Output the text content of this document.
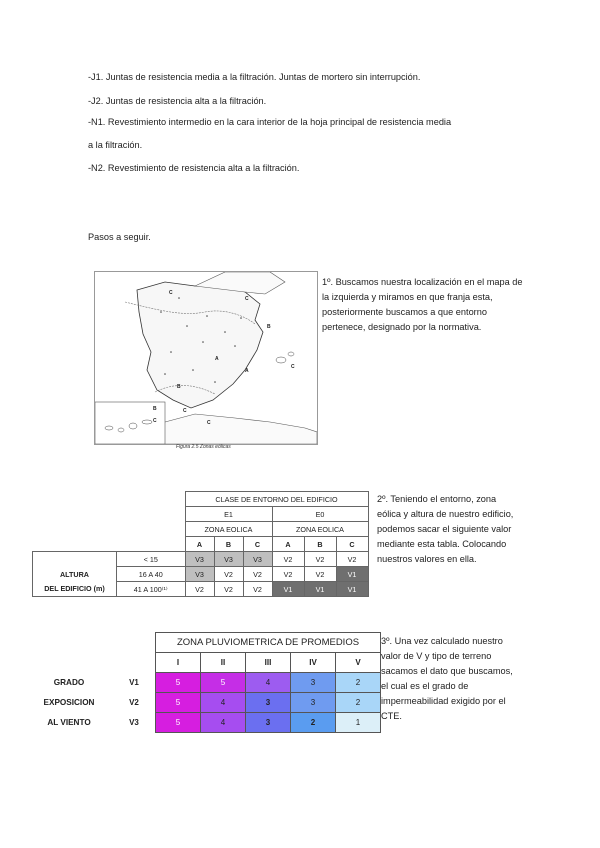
-J1. Juntas de resistencia media a la filtración. Juntas de mortero sin interrupción.
-J2. Juntas de resistencia alta a la filtración.
-N1. Revestimiento intermedio en la cara interior de la hoja principal de resistencia media
a la filtración.
-N2. Revestimiento de resistencia alta a la filtración.
Pasos a seguir.
A
B
C
C
C
C
B
A
B
C
C
Figura 2.5 Zonas eólicas
1º. Buscamos nuestra localización en el mapa de la izquierda y miramos en que franja esta, posteriormente buscamos a que entorno pertenece, designado por la normativa.
2º. Teniendo el entorno, zona eólica y altura de nuestro edificio, podemos sacar el siguiente valor mediante esta tabla. Colocando nuestros valores en ella.
3º. Una vez calculado nuestro valor de V y tipo de terreno sacamos el dato que buscamos, el cual es el grado de impermeabilidad exigido por el CTE.
		CLASE DE ENTORNO DEL EDIFICIO					
		E1			E0		
		ZONA EOLICA			ZONA EOLICA		
		A	B	C	A	B	C
	< 15	V3	V3	V3	V2	V2	V2
ALTURA	16 A 40	V3	V2	V2	V2	V2	V1
DEL EDIFICIO (m)	41 A 100⁽¹⁾	V2	V2	V2	V1	V1	V1
		ZONA PLUVIOMETRICA DE PROMEDIOS				
		I	II	III	IV	V
GRADO	V1	5	5	4	3	2
EXPOSICION	V2	5	4	3	3	2
AL VIENTO	V3	5	4	3	2	1
